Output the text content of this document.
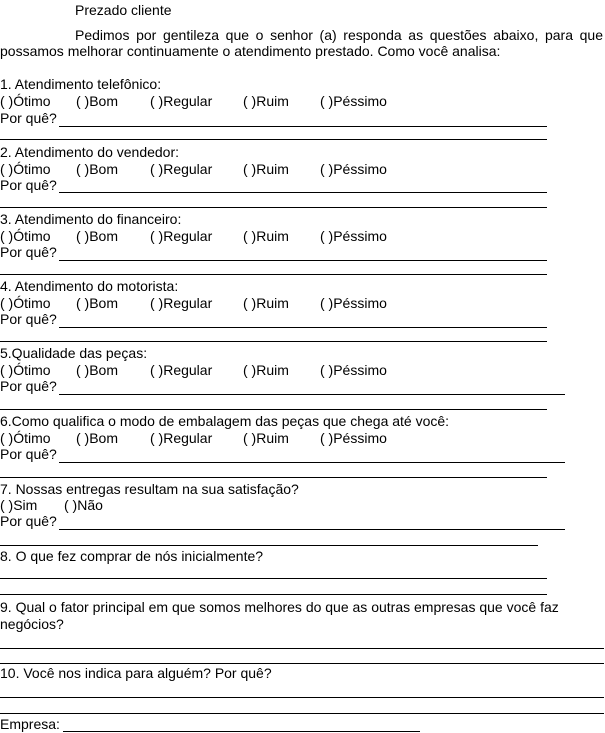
Prezado cliente
Pedimos por gentileza que o senhor (a) responda as questões abaixo, para que possamos melhorar continuamente o atendimento prestado. Como você analisa:
1. Atendimento telefônico:
( )Ótimo ( )Bom ( )Regular ( )Ruim ( )Péssimo
Por quê?
2. Atendimento do vendedor:
( )Ótimo ( )Bom ( )Regular ( )Ruim ( )Péssimo
Por quê?
3. Atendimento do financeiro:
( )Ótimo ( )Bom ( )Regular ( )Ruim ( )Péssimo
Por quê?
4. Atendimento do motorista:
( )Ótimo ( )Bom ( )Regular ( )Ruim ( )Péssimo
Por quê?
5.Qualidade das peças:
( )Ótimo ( )Bom ( )Regular ( )Ruim ( )Péssimo
Por quê?
6.Como qualifica o modo de embalagem das peças que chega até você:
( )Ótimo ( )Bom ( )Regular ( )Ruim ( )Péssimo
Por quê?
7. Nossas entregas resultam na sua satisfação?
( )Sim ( )Não
Por quê?
8. O que fez comprar de nós inicialmente?
9. Qual o fator principal em que somos melhores do que as outras empresas que você faz negócios?
10. Você nos indica para alguém? Por quê?
Empresa:
